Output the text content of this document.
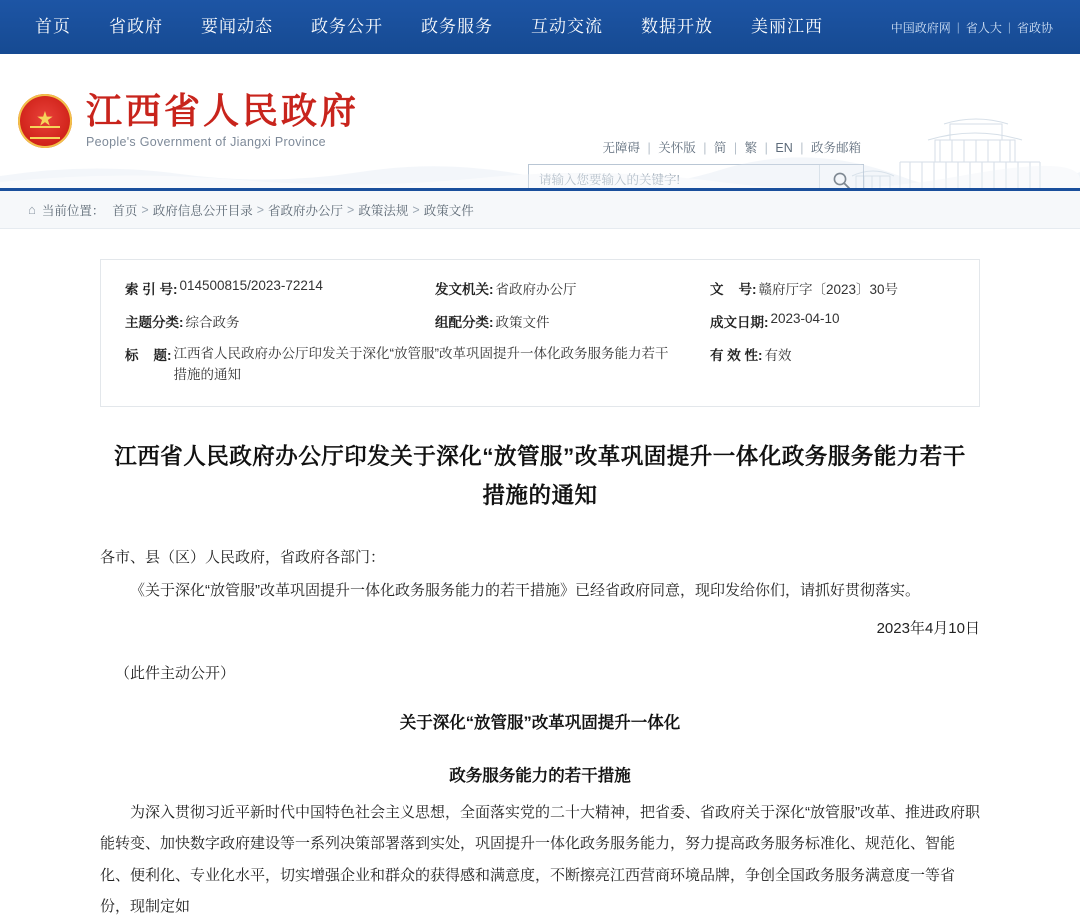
首页	省政府	要闻动态	政务公开	政务服务	互动交流	数据开放	美丽江西	中国政府网 | 省人大 | 省政协
★
江西省人民政府
People's Government of Jiangxi Province	无障碍 | 关怀版 | 简 | 繁 | EN | 政务邮箱
请输入您要输入的关键字!
⌂ 当前位置： 首页 > 政府信息公开目录 > 省政府办公厅 > 政策法规 > 政策文件
索 引 号: 014500815/2023-72214	发文机关: 省政府办公厅	文    号: 赣府厅字〔2023〕30号
主题分类: 综合政务	组配分类: 政策文件	成文日期: 2023-04-10
标    题: 江西省人民政府办公厅印发关于深化“放管服”改革巩固提升一体化政务服务能力若干措施的通知
有 效 性: 有效
江西省人民政府办公厅印发关于深化“放管服”改革巩固提升一体化政务服务能力若干措施的通知

各市、县（区）人民政府，省政府各部门：

《关于深化“放管服”改革巩固提升一体化政务服务能力的若干措施》已经省政府同意，现印发给你们，请抓好贯彻落实。

2023年4月10日

（此件主动公开）

关于深化“放管服”改革巩固提升一体化

政务服务能力的若干措施

为深入贯彻习近平新时代中国特色社会主义思想，全面落实党的二十大精神，把省委、省政府关于深化“放管服”改革、推进政府职能转变、加快数字政府建设等一系列决策部署落到实处，巩固提升一体化政务服务能力，努力提高政务服务标准化、规范化、智能化、便利化、专业化水平，切实增强企业和群众的获得感和满意度，不断擦亮江西营商环境品牌，争创全国政务服务满意度一等省份，现制定如
